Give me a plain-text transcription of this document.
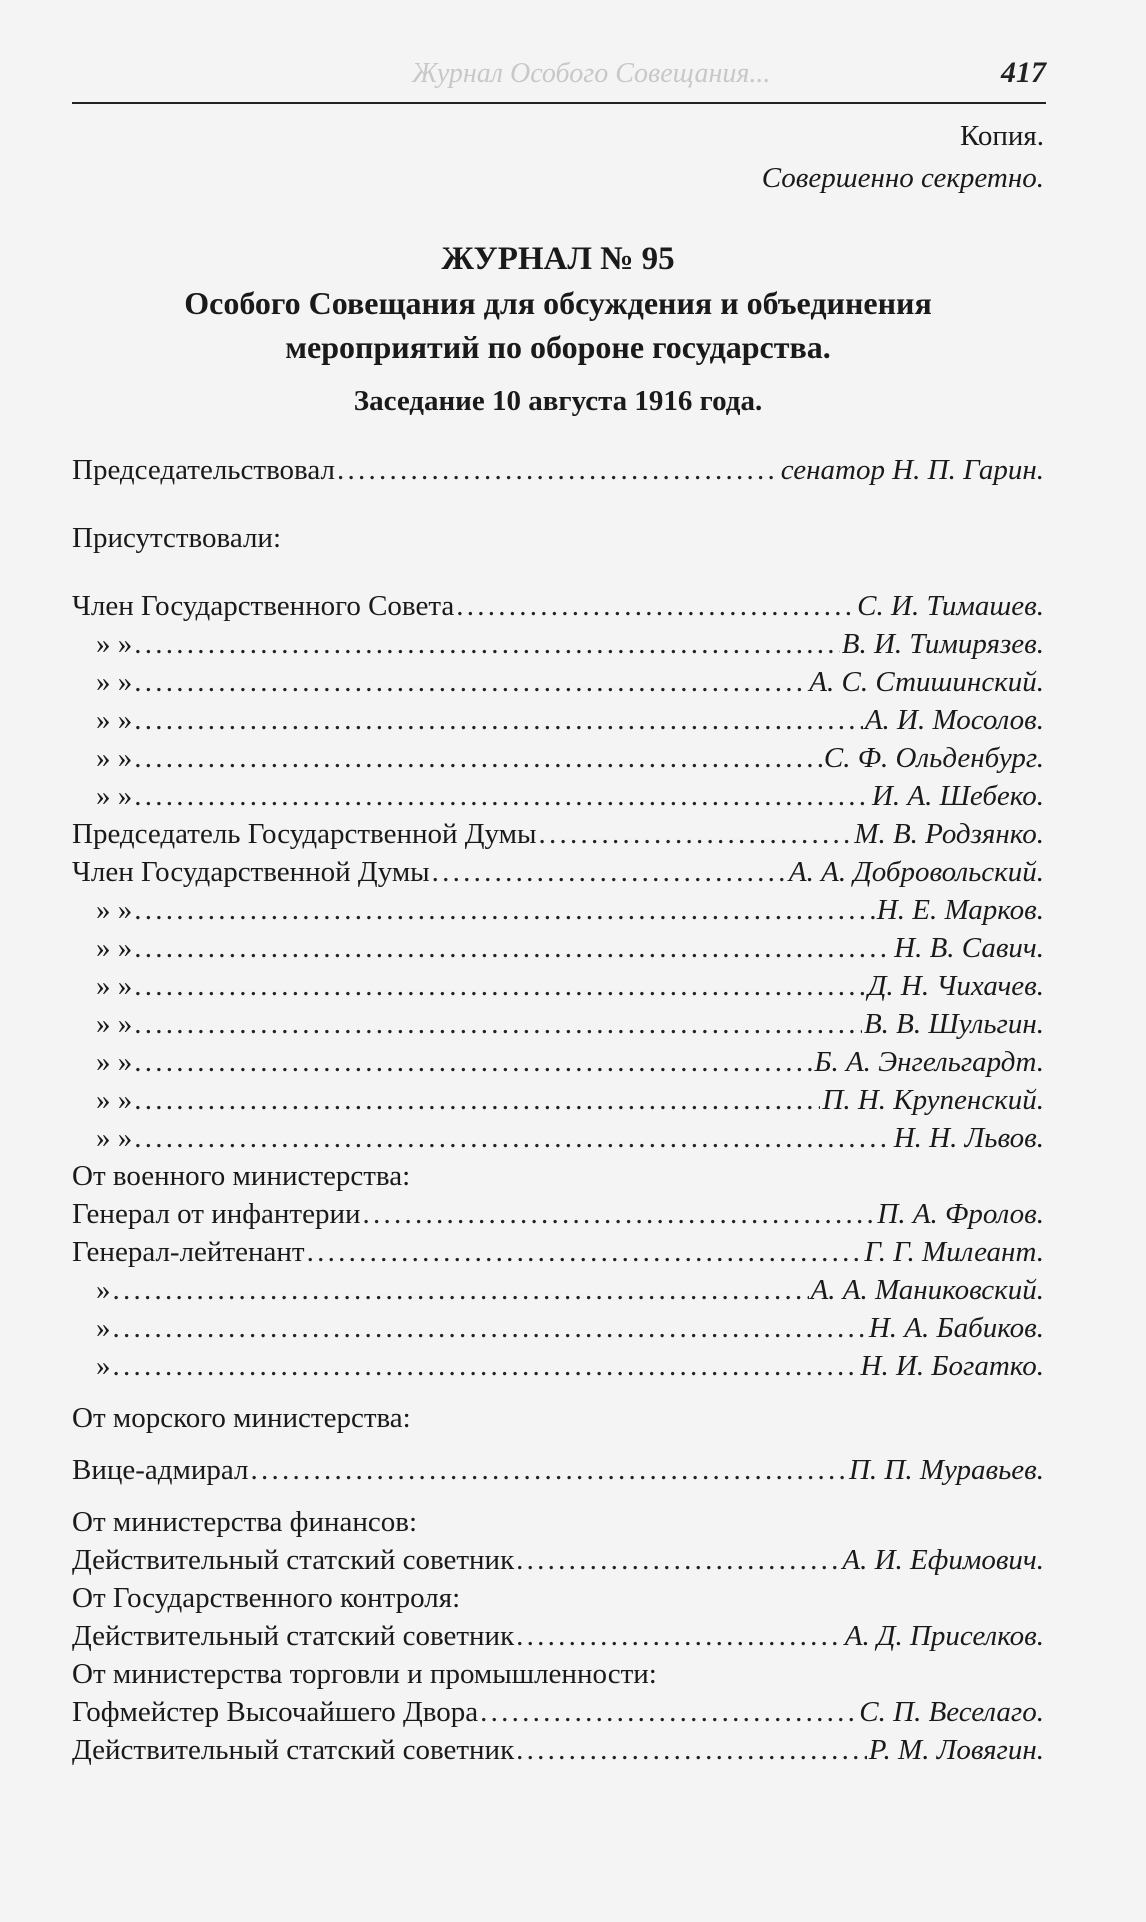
Журнал Особого Совещания...	417
Копия.
Совершенно секретно.
ЖУРНАЛ № 95
Особого Совещания для обсуждения и объединения
мероприятий по обороне государства.
Заседание 10 августа 1916 года.
Председательствовал . . .	сенатор Н. П. Гарин.
Присутствовали:
Член Государственного Совета . . .	С. И. Тимашев.
» » . . .	В. И. Тимирязев.
» » . . .	А. С. Стишинский.
» » . . .	А. И. Мосолов.
» » . . .	С. Ф. Ольденбург.
» » . . .	И. А. Шебеко.
Председатель Государственной Думы . . .	М. В. Родзянко.
Член Государственной Думы . . .	А. А. Добровольский.
» » . . .	Н. Е. Марков.
» » . . .	Н. В. Савич.
» » . . .	Д. Н. Чихачев.
» » . . .	В. В. Шульгин.
» » . . .	Б. А. Энгельгардт.
» » . . .	П. Н. Крупенский.
» » . . .	Н. Н. Львов.
От военного министерства:
Генерал от инфантерии . . .	П. А. Фролов.
Генерал-лейтенант . . .	Г. Г. Милеант.
» . . .	А. А. Маниковский.
» . . .	Н. А. Бабиков.
» . . .	Н. И. Богатко.
От морского министерства:
Вице-адмирал . . .	П. П. Муравьев.
От министерства финансов:
Действительный статский советник . . .	А. И. Ефимович.
От Государственного контроля:
Действительный статский советник . . .	А. Д. Приселков.
От министерства торговли и промышленности:
Гофмейстер Высочайшего Двора . . .	С. П. Веселаго.
Действительный статский советник . . .	Р. М. Ловягин.
